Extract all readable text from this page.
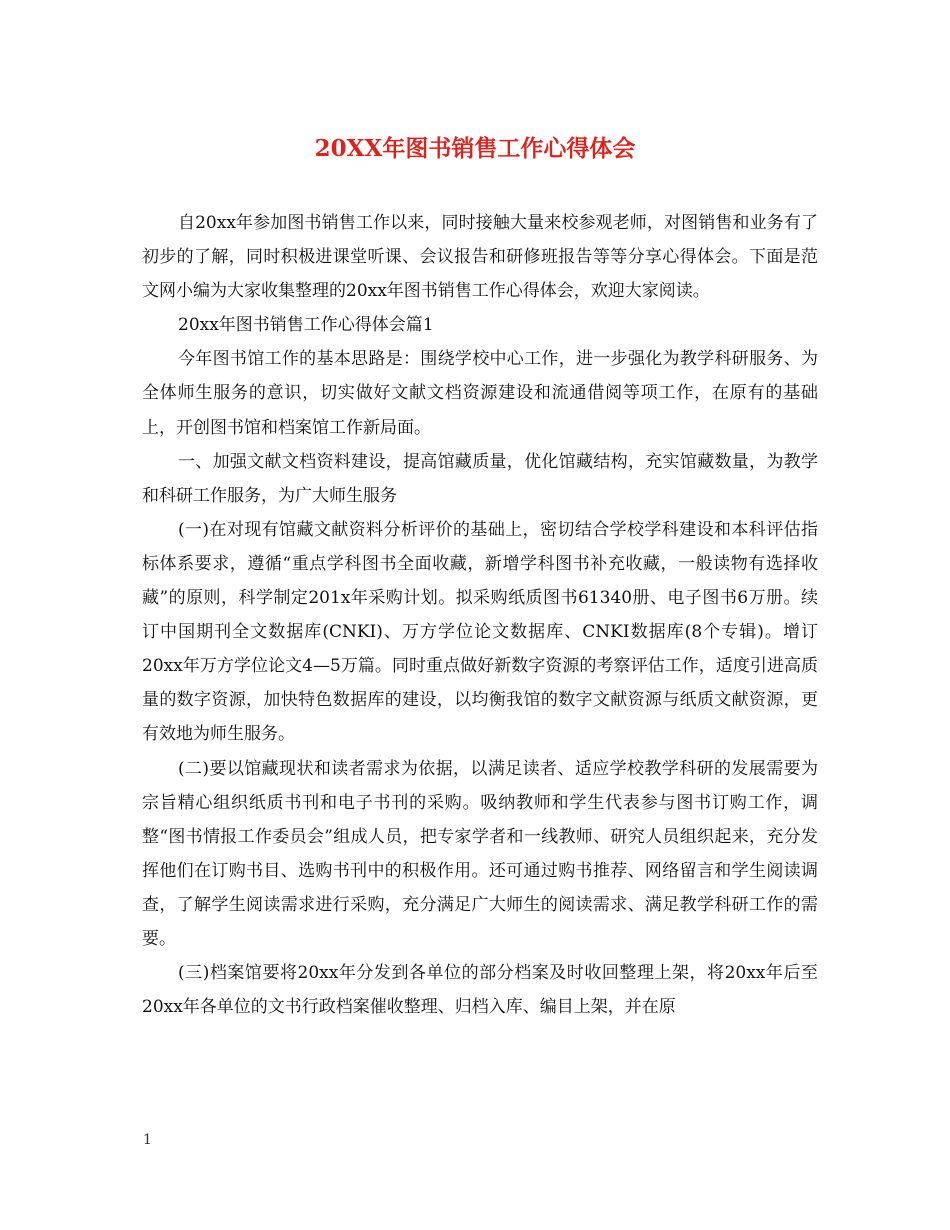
20XX年图书销售工作心得体会

自20xx年参加图书销售工作以来，同时接触大量来校参观老师，对图销售和业务有了初步的了解，同时积极进课堂听课、会议报告和研修班报告等等分享心得体会。下面是范文网小编为大家收集整理的20xx年图书销售工作心得体会，欢迎大家阅读。

20xx年图书销售工作心得体会篇1

今年图书馆工作的基本思路是：围绕学校中心工作，进一步强化为教学科研服务、为全体师生服务的意识，切实做好文献文档资源建设和流通借阅等项工作，在原有的基础上，开创图书馆和档案馆工作新局面。

一、加强文献文档资料建设，提高馆藏质量，优化馆藏结构，充实馆藏数量，为教学和科研工作服务，为广大师生服务

(一)在对现有馆藏文献资料分析评价的基础上，密切结合学校学科建设和本科评估指标体系要求，遵循“重点学科图书全面收藏，新增学科图书补充收藏，一般读物有选择收藏”的原则，科学制定201x年采购计划。拟采购纸质图书61340册、电子图书6万册。续订中国期刊全文数据库(CNKI)、万方学位论文数据库、CNKI数据库(8个专辑)。增订20xx年万方学位论文4—5万篇。同时重点做好新数字资源的考察评估工作，适度引进高质量的数字资源，加快特色数据库的建设，以均衡我馆的数字文献资源与纸质文献资源，更有效地为师生服务。

(二)要以馆藏现状和读者需求为依据，以满足读者、适应学校教学科研的发展需要为宗旨精心组织纸质书刊和电子书刊的采购。吸纳教师和学生代表参与图书订购工作，调整“图书情报工作委员会”组成人员，把专家学者和一线教师、研究人员组织起来，充分发挥他们在订购书目、选购书刊中的积极作用。还可通过购书推荐、网络留言和学生阅读调查，了解学生阅读需求进行采购，充分满足广大师生的阅读需求、满足教学科研工作的需要。

(三)档案馆要将20xx年分发到各单位的部分档案及时收回整理上架，将20xx年后至20xx年各单位的文书行政档案催收整理、归档入库、编目上架，并在原

1
